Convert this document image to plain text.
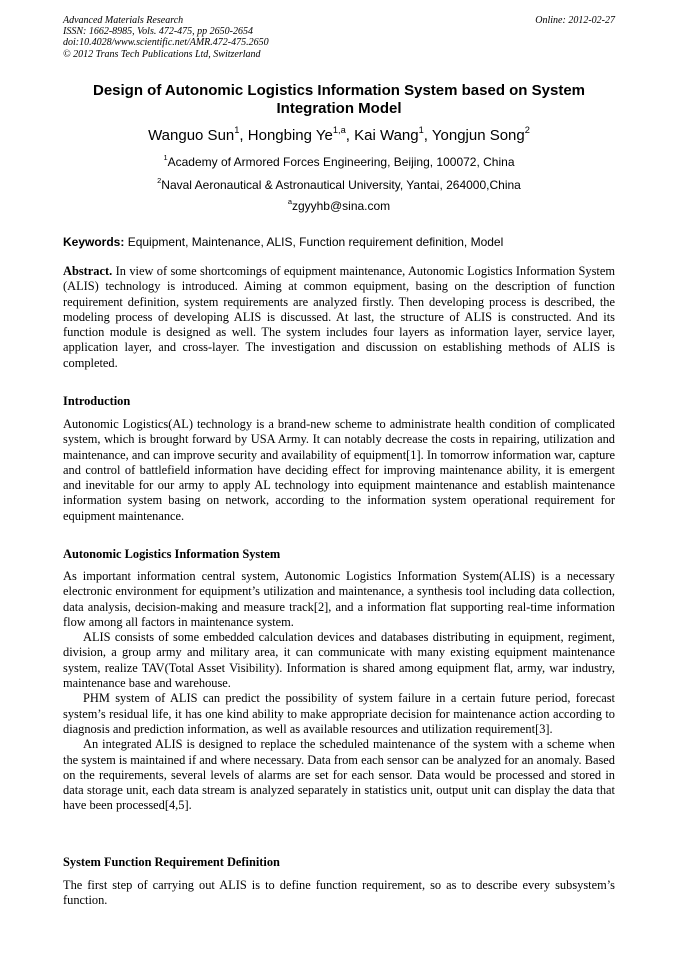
Advanced Materials Research
ISSN: 1662-8985, Vols. 472-475, pp 2650-2654
doi:10.4028/www.scientific.net/AMR.472-475.2650
© 2012 Trans Tech Publications Ltd, Switzerland
Online: 2012-02-27
Design of Autonomic Logistics Information System based on System Integration Model
Wanguo Sun$^1$, Hongbing Ye$^{1,a}$, Kai Wang$^1$, Yongjun Song$^2$
$^1$Academy of Armored Forces Engineering, Beijing, 100072, China
$^2$Naval Aeronautical & Astronautical University, Yantai, 264000,China
$^a$zgyyhb@sina.com
Keywords: Equipment, Maintenance, ALIS, Function requirement definition, Model

Abstract. In view of some shortcomings of equipment maintenance, Autonomic Logistics Information System (ALIS) technology is introduced. Aiming at common equipment, basing on the description of function requirement definition, system requirements are analyzed firstly. Then developing process is described, the modeling process of developing ALIS is discussed. At last, the structure of ALIS is constructed. And its function module is designed as well. The system includes four layers as information layer, service layer, application layer, and cross-layer. The investigation and discussion on establishing methods of ALIS is completed.

Introduction

Autonomic Logistics(AL) technology is a brand-new scheme to administrate health condition of complicated system, which is brought forward by USA Army. It can notably decrease the costs in repairing, utilization and maintenance, and can improve security and availability of equipment[1]. In tomorrow information war, capture and control of battlefield information have deciding effect for improving maintenance ability, it is emergent and inevitable for our army to apply AL technology into equipment maintenance and establish maintenance information system basing on network, according to the information system operational requirement for equipment maintenance.

Autonomic Logistics Information System

As important information central system, Autonomic Logistics Information System(ALIS) is a necessary electronic environment for equipment’s utilization and maintenance, a synthesis tool including data collection, data analysis, decision-making and measure track[2], and a information flat supporting real-time information flow among all factors in maintenance system.

ALIS consists of some embedded calculation devices and databases distributing in equipment, regiment, division, a group army and military area, it can communicate with many existing equipment maintenance system, realize TAV(Total Asset Visibility). Information is shared among equipment flat, army, war industry, maintenance base and warehouse.

PHM system of ALIS can predict the possibility of system failure in a certain future period, forecast system’s residual life, it has one kind ability to make appropriate decision for maintenance action according to diagnosis and prediction information, as well as available resources and utilization requirement[3].

An integrated ALIS is designed to replace the scheduled maintenance of the system with a scheme when the system is maintained if and where necessary. Data from each sensor can be analyzed for an anomaly. Based on the requirements, several levels of alarms are set for each sensor. Data would be processed and stored in data storage unit, each data stream is analyzed separately in statistics unit, output unit can display the data that have been processed[4,5].

System Function Requirement Definition

The first step of carrying out ALIS is to define function requirement, so as to describe every subsystem’s function.
